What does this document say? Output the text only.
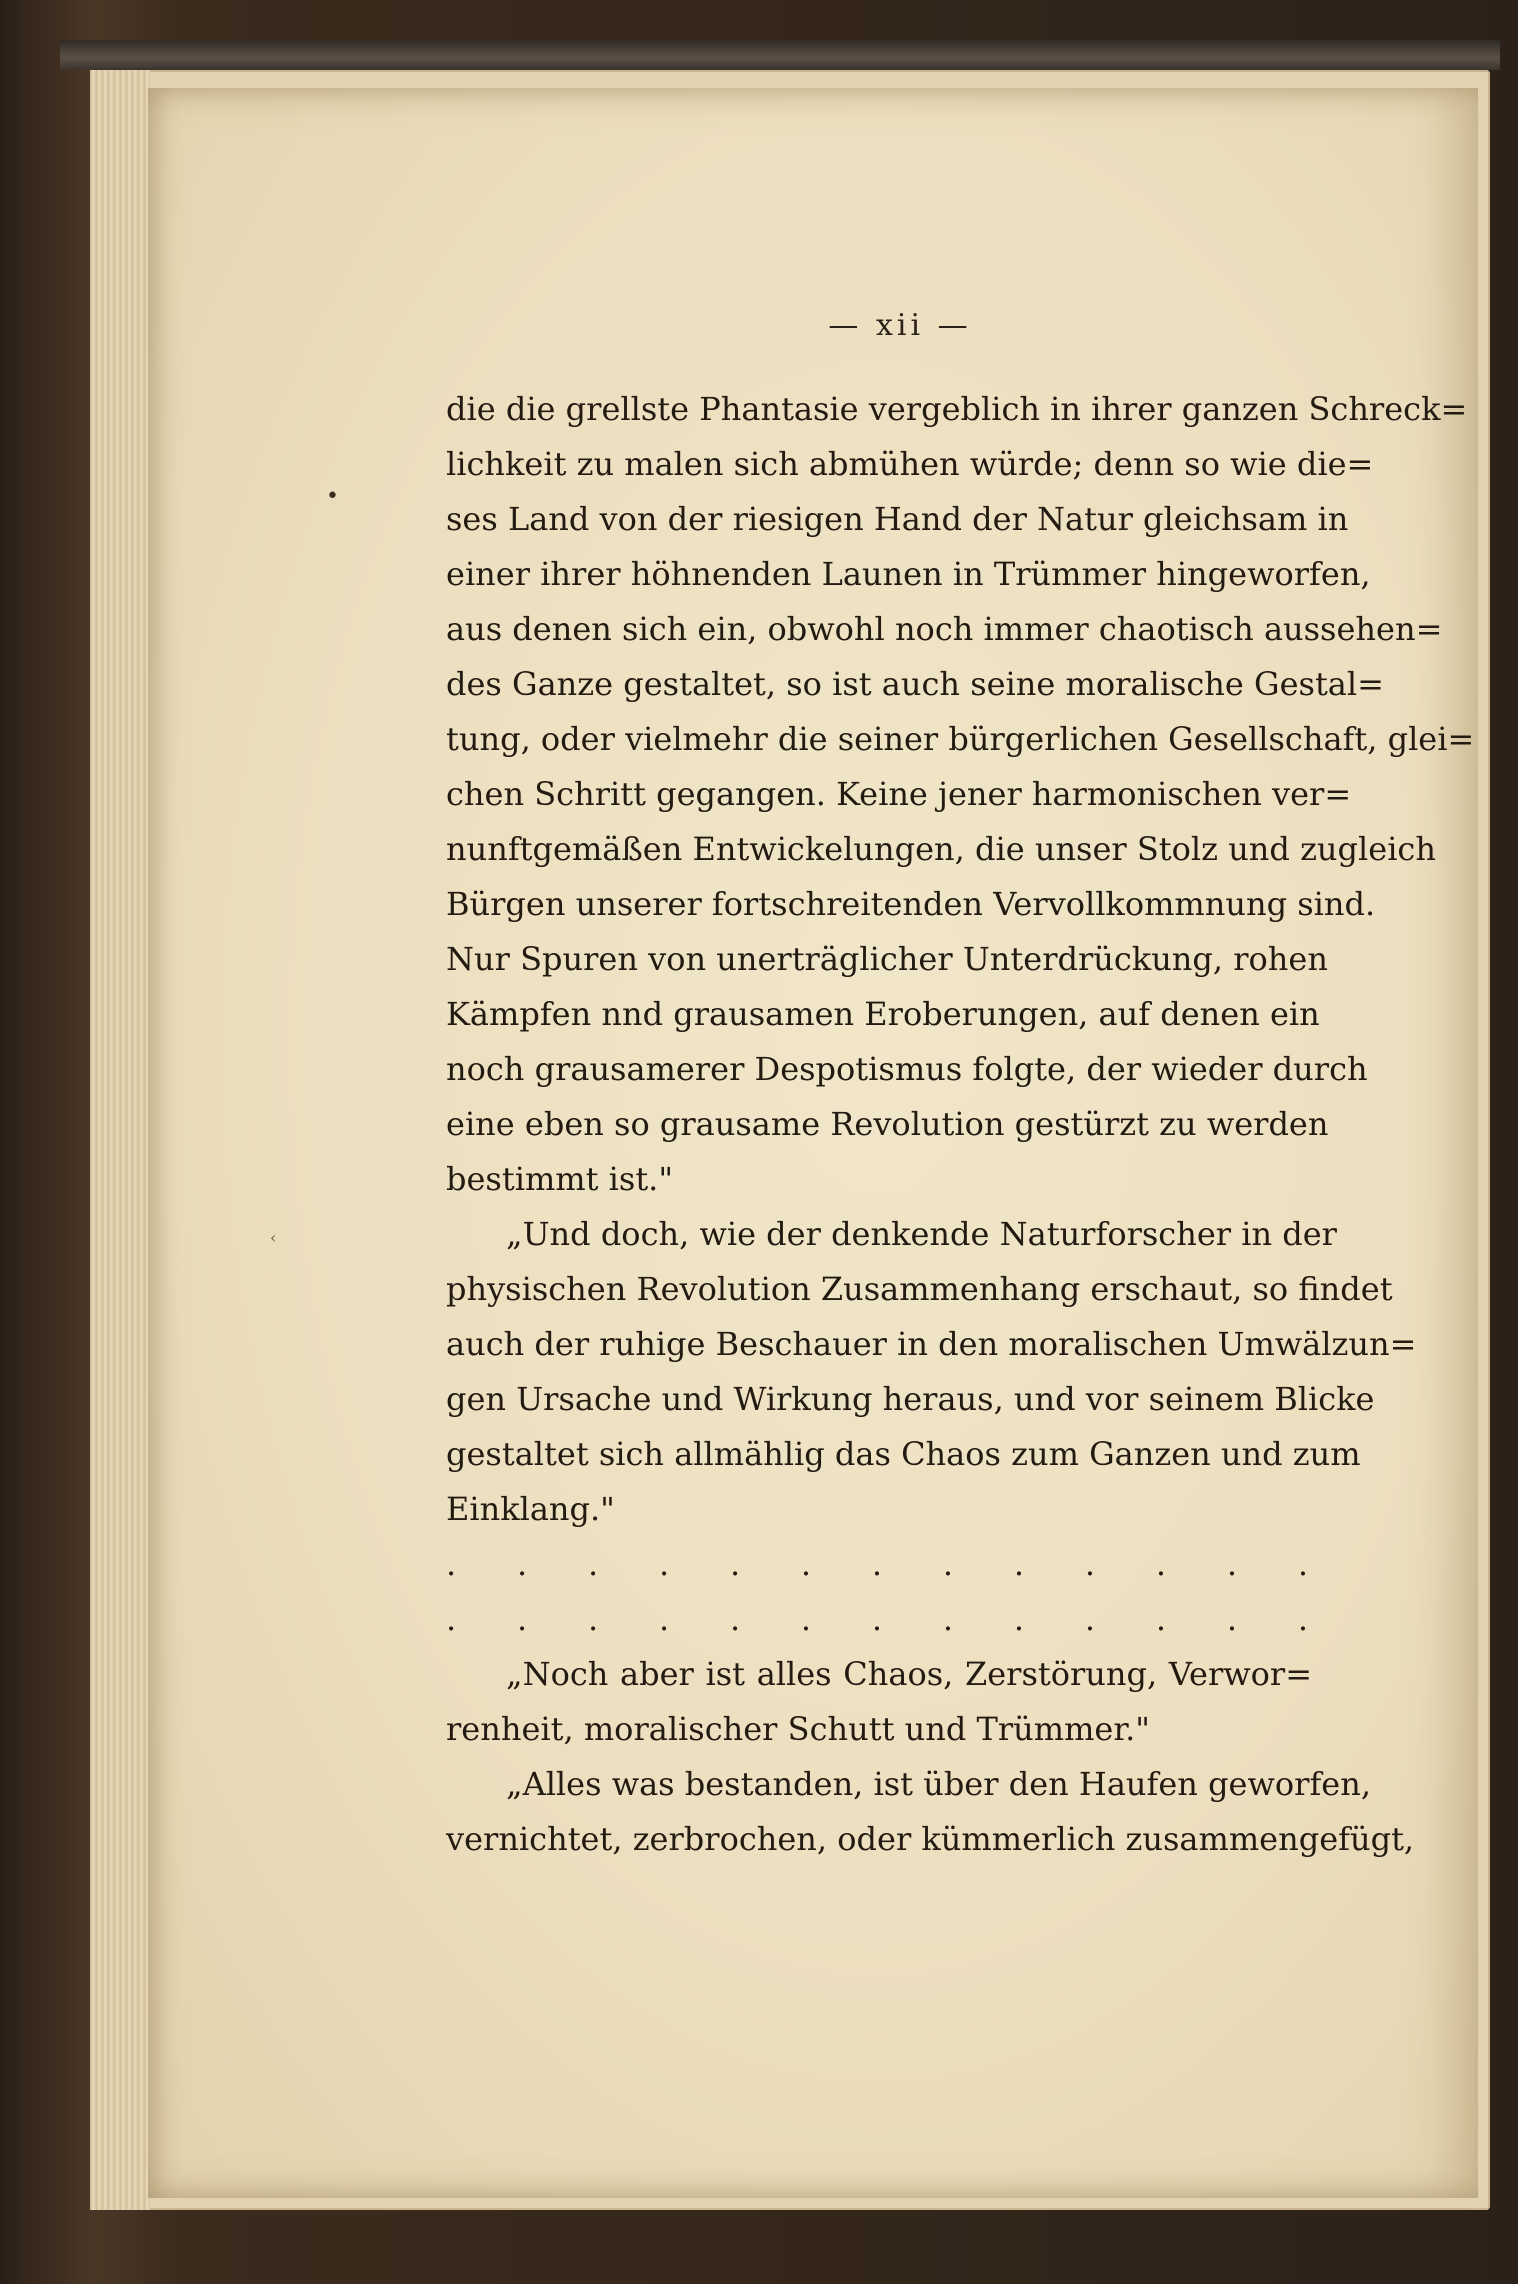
•
‹
— xii —
die die grellste Phantasie vergeblich in ihrer ganzen Schreck=
lichkeit zu malen sich abmühen würde; denn so wie die=
ses Land von der riesigen Hand der Natur gleichsam in
einer ihrer höhnenden Launen in Trümmer hingeworfen,
aus denen sich ein, obwohl noch immer chaotisch aussehen=
des Ganze gestaltet, so ist auch seine moralische Gestal=
tung, oder vielmehr die seiner bürgerlichen Gesellschaft, glei=
chen Schritt gegangen. Keine jener harmonischen ver=
nunftgemäßen Entwickelungen, die unser Stolz und zugleich
Bürgen unserer fortschreitenden Vervollkommnung sind.
Nur Spuren von unerträglicher Unterdrückung, rohen
Kämpfen nnd grausamen Eroberungen, auf denen ein
noch grausamerer Despotismus folgte, der wieder durch
eine eben so grausame Revolution gestürzt zu werden
bestimmt ist."
„Und doch, wie der denkende Naturforscher in der
physischen Revolution Zusammenhang erschaut, so findet
auch der ruhige Beschauer in den moralischen Umwälzun=
gen Ursache und Wirkung heraus, und vor seinem Blicke
gestaltet sich allmählig das Chaos zum Ganzen und zum
Einklang."
. . . . . . . . . . . . .
. . . . . . . . . . . . .
„Noch aber ist alles Chaos, Zerstörung, Verwor=
renheit, moralischer Schutt und Trümmer."
„Alles was bestanden, ist über den Haufen geworfen,
vernichtet, zerbrochen, oder kümmerlich zusammengefügt,
